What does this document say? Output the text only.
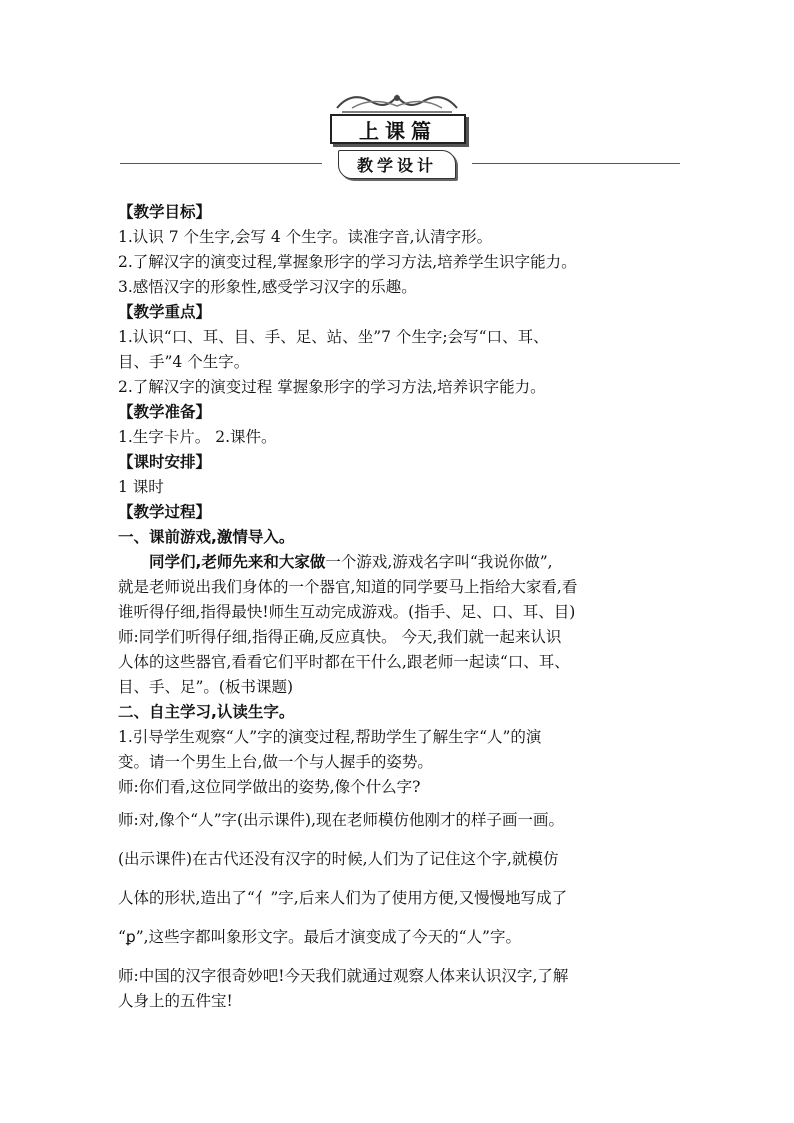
上课篇
教学设计
【教学目标】
1.认识 7 个生字,会写 4 个生字。读准字音,认清字形。
2.了解汉字的演变过程,掌握象形字的学习方法,培养学生识字能力。
3.感悟汉字的形象性,感受学习汉字的乐趣。
【教学重点】
1.认识“口、耳、目、手、足、站、坐”7 个生字;会写“口、耳、
目、手”4 个生字。
2.了解汉字的演变过程 掌握象形字的学习方法,培养识字能力。
【教学准备】
1.生字卡片。 2.课件。
【课时安排】
1 课时
【教学过程】
一、课前游戏,激情导入。
同学们,老师先来和大家做一个游戏,游戏名字叫“我说你做”,
就是老师说出我们身体的一个器官,知道的同学要马上指给大家看,看
谁听得仔细,指得最快!师生互动完成游戏。(指手、足、口、耳、目)
师:同学们听得仔细,指得正确,反应真快。 今天,我们就一起来认识
人体的这些器官,看看它们平时都在干什么,跟老师一起读“口、耳、
目、手、足”。(板书课题)
二、自主学习,认读生字。
1.引导学生观察“人”字的演变过程,帮助学生了解生字“人”的演
变。请一个男生上台,做一个与人握手的姿势。
师:你们看,这位同学做出的姿势,像个什么字?
师:对,像个“人”字(出示课件),现在老师模仿他刚才的样子画一画。
(出示课件)在古代还没有汉字的时候,人们为了记住这个字,就模仿
人体的形状,造出了“⺅”字,后来人们为了使用方便,又慢慢地写成了
“ꝑ”,这些字都叫象形文字。最后才演变成了今天的“人”字。
师:中国的汉字很奇妙吧!今天我们就通过观察人体来认识汉字,了解
人身上的五件宝!
